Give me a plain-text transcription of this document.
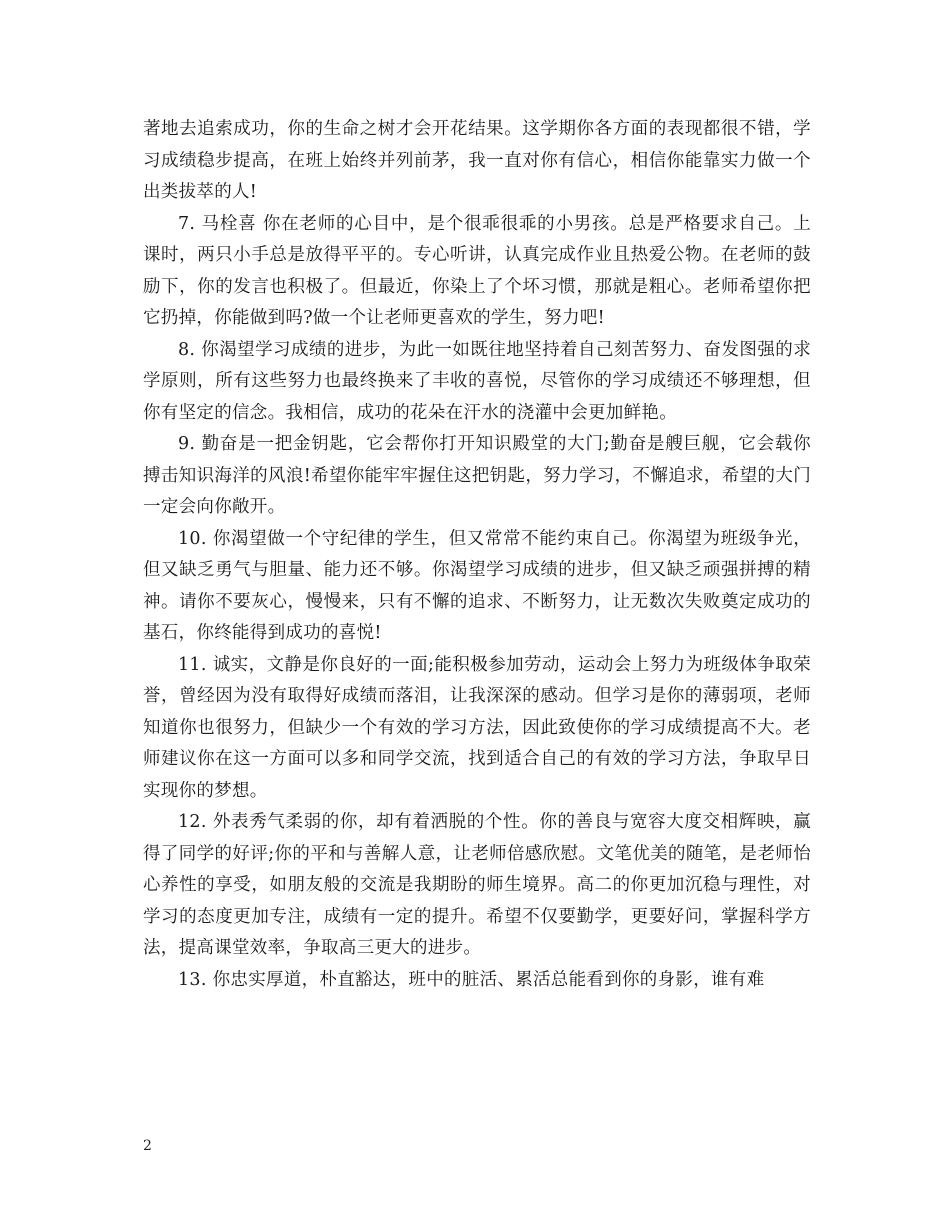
著地去追索成功，你的生命之树才会开花结果。这学期你各方面的表现都很不错，学习成绩稳步提高，在班上始终并列前茅，我一直对你有信心，相信你能靠实力做一个出类拔萃的人!

7. 马栓喜 你在老师的心目中，是个很乖很乖的小男孩。总是严格要求自己。上课时，两只小手总是放得平平的。专心听讲，认真完成作业且热爱公物。在老师的鼓励下，你的发言也积极了。但最近，你染上了个坏习惯，那就是粗心。老师希望你把它扔掉，你能做到吗?做一个让老师更喜欢的学生，努力吧!

8. 你渴望学习成绩的进步，为此一如既往地坚持着自己刻苦努力、奋发图强的求学原则，所有这些努力也最终换来了丰收的喜悦，尽管你的学习成绩还不够理想，但你有坚定的信念。我相信，成功的花朵在汗水的浇灌中会更加鲜艳。

9. 勤奋是一把金钥匙，它会帮你打开知识殿堂的大门;勤奋是艘巨舰，它会载你搏击知识海洋的风浪!希望你能牢牢握住这把钥匙，努力学习，不懈追求，希望的大门一定会向你敞开。

10. 你渴望做一个守纪律的学生，但又常常不能约束自己。你渴望为班级争光，但又缺乏勇气与胆量、能力还不够。你渴望学习成绩的进步，但又缺乏顽强拼搏的精神。请你不要灰心，慢慢来，只有不懈的追求、不断努力，让无数次失败奠定成功的基石，你终能得到成功的喜悦!

11. 诚实，文静是你良好的一面;能积极参加劳动，运动会上努力为班级体争取荣誉，曾经因为没有取得好成绩而落泪，让我深深的感动。但学习是你的薄弱项，老师知道你也很努力，但缺少一个有效的学习方法，因此致使你的学习成绩提高不大。老师建议你在这一方面可以多和同学交流，找到适合自己的有效的学习方法，争取早日实现你的梦想。

12. 外表秀气柔弱的你，却有着洒脱的个性。你的善良与宽容大度交相辉映，赢得了同学的好评;你的平和与善解人意，让老师倍感欣慰。文笔优美的随笔，是老师怡心养性的享受，如朋友般的交流是我期盼的师生境界。高二的你更加沉稳与理性，对学习的态度更加专注，成绩有一定的提升。希望不仅要勤学，更要好问，掌握科学方法，提高课堂效率，争取高三更大的进步。

13. 你忠实厚道，朴直豁达，班中的脏活、累活总能看到你的身影，谁有难

2
